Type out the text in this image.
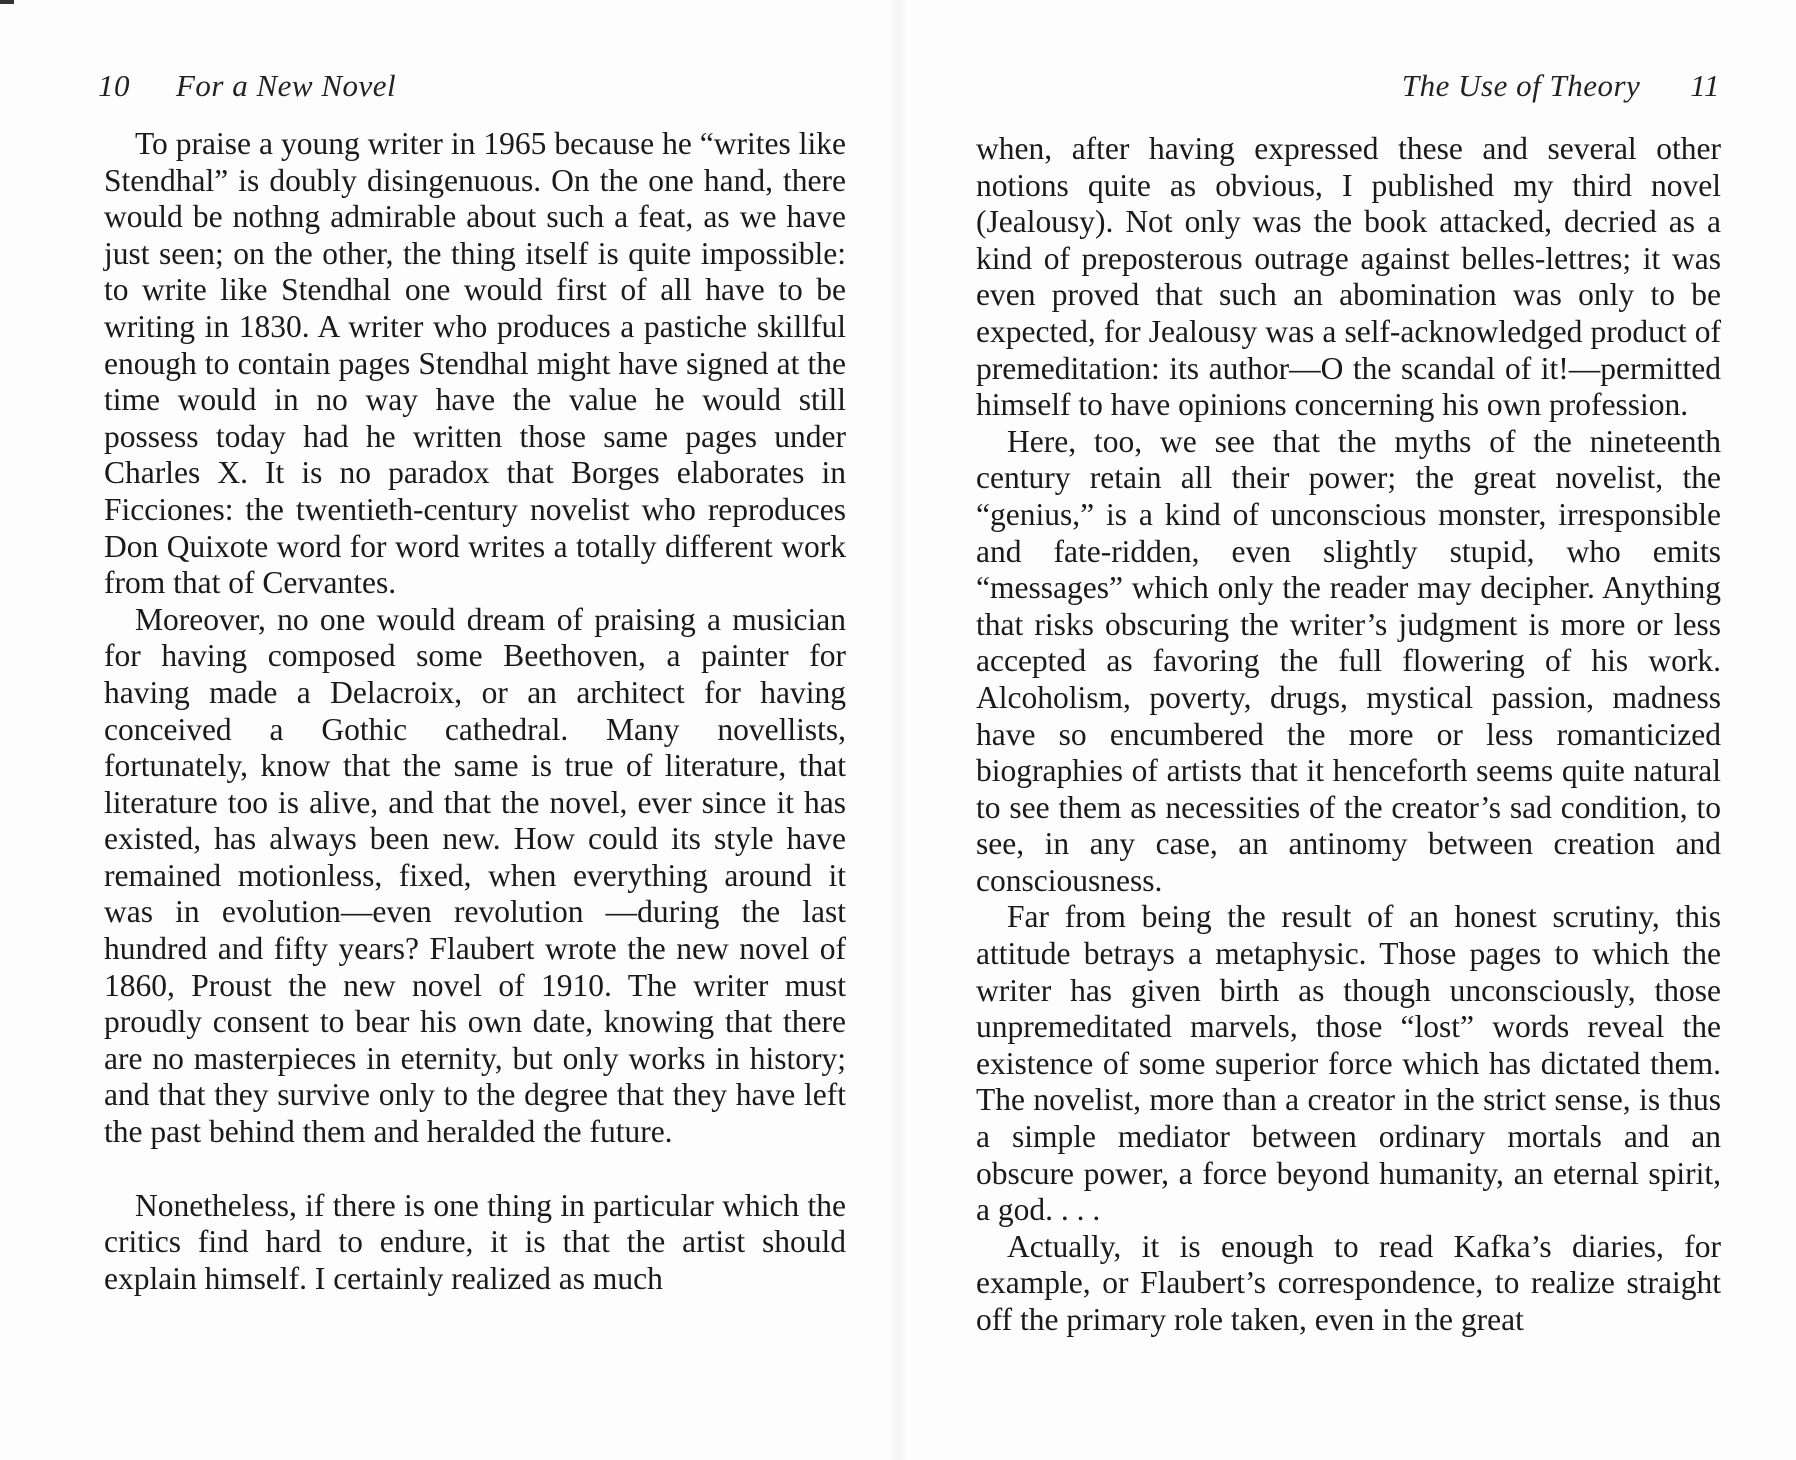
10 For a New Novel

To praise a young writer in 1965 because he “writes like Stendhal” is doubly disingenuous. On the one hand, there would be nothng admirable about such a feat, as we have just seen; on the other, the thing itself is quite impossible: to write like Stendhal one would first of all have to be writing in 1830. A writer who produces a pastiche skillful enough to contain pages Stendhal might have signed at the time would in no way have the value he would still possess today had he written those same pages under Charles X. It is no paradox that Borges elaborates in Ficciones: the twentieth-century novelist who reproduces Don Quixote word for word writes a totally different work from that of Cervantes.

Moreover, no one would dream of praising a musician for having composed some Beethoven, a painter for having made a Delacroix, or an architect for having conceived a Gothic cathedral. Many novellists, fortunately, know that the same is true of literature, that literature too is alive, and that the novel, ever since it has existed, has always been new. How could its style have remained motionless, fixed, when everything around it was in evolution—even revolution —during the last hundred and fifty years? Flaubert wrote the new novel of 1860, Proust the new novel of 1910. The writer must proudly consent to bear his own date, knowing that there are no masterpieces in eternity, but only works in history; and that they survive only to the degree that they have left the past behind them and heralded the future.

Nonetheless, if there is one thing in particular which the critics find hard to endure, it is that the artist should explain himself. I certainly realized as much

The Use of Theory 11

when, after having expressed these and several other notions quite as obvious, I published my third novel (Jealousy). Not only was the book attacked, decried as a kind of preposterous outrage against belles-lettres; it was even proved that such an abomination was only to be expected, for Jealousy was a self-acknowledged product of premeditation: its author—O the scandal of it!—permitted himself to have opinions concerning his own profession.

Here, too, we see that the myths of the nineteenth century retain all their power; the great novelist, the “genius,” is a kind of unconscious monster, irresponsible and fate-ridden, even slightly stupid, who emits “messages” which only the reader may decipher. Anything that risks obscuring the writer’s judgment is more or less accepted as favoring the full flowering of his work. Alcoholism, poverty, drugs, mystical passion, madness have so encumbered the more or less romanticized biographies of artists that it henceforth seems quite natural to see them as necessities of the creator’s sad condition, to see, in any case, an antinomy between creation and consciousness.

Far from being the result of an honest scrutiny, this attitude betrays a metaphysic. Those pages to which the writer has given birth as though unconsciously, those unpremeditated marvels, those “lost” words reveal the existence of some superior force which has dictated them. The novelist, more than a creator in the strict sense, is thus a simple mediator between ordinary mortals and an obscure power, a force beyond humanity, an eternal spirit, a god. . . .

Actually, it is enough to read Kafka’s diaries, for example, or Flaubert’s correspondence, to realize straight off the primary role taken, even in the great
